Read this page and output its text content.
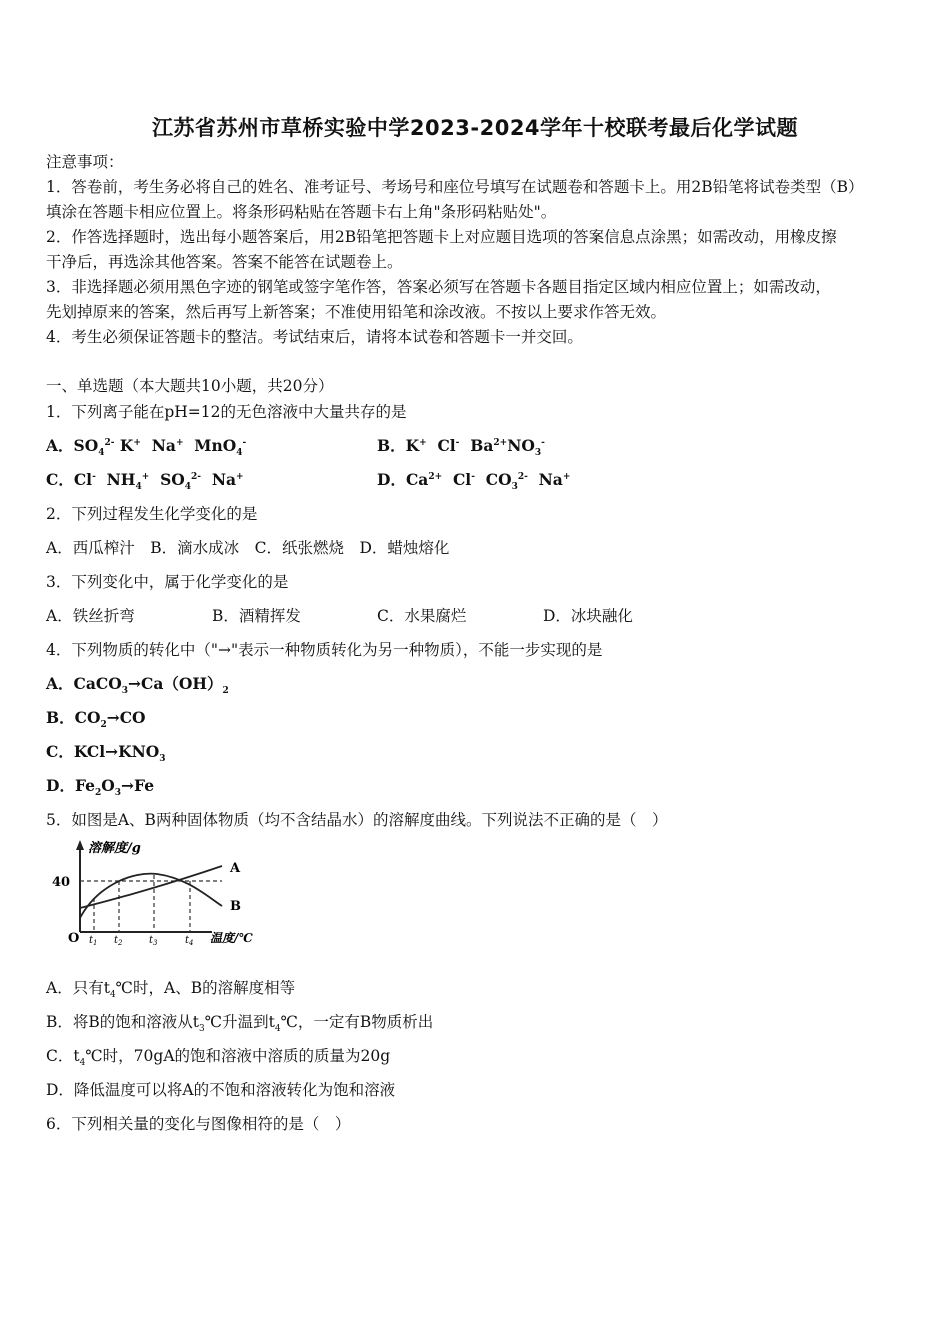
江苏省苏州市草桥实验中学2023-2024学年十校联考最后化学试题
注意事项：
1．答卷前，考生务必将自己的姓名、准考证号、考场号和座位号填写在试题卷和答题卡上。用2B铅笔将试卷类型（B）
填涂在答题卡相应位置上。将条形码粘贴在答题卡右上角"条形码粘贴处"。
2．作答选择题时，选出每小题答案后，用2B铅笔把答题卡上对应题目选项的答案信息点涂黑；如需改动，用橡皮擦
干净后，再选涂其他答案。答案不能答在试题卷上。
3．非选择题必须用黑色字迹的钢笔或签字笔作答，答案必须写在答题卡各题目指定区域内相应位置上；如需改动，
先划掉原来的答案，然后再写上新答案；不准使用铅笔和涂改液。不按以上要求作答无效。
4．考生必须保证答题卡的整洁。考试结束后，请将本试卷和答题卡一并交回。
一、单选题（本大题共10小题，共20分）
1．下列离子能在pH=12的无色溶液中大量共存的是
A．$SO_4^{2-}$ K+ Na+ MnO$_4$-	B．K+ Cl- $Ba^{2+}NO_3^-$
C．Cl- $NH_4^+$ $SO_4^{2-}$ Na+	D．$Ca^{2+}$ Cl- $CO_3^{2-}$ Na+
2．下列过程发生化学变化的是
A．西瓜榨汁　B．滴水成冰　C．纸张燃烧　D．蜡烛熔化
3．下列变化中，属于化学变化的是
A．铁丝折弯	B．酒精挥发	C．水果腐烂	D．冰块融化
4．下列物质的转化中（"→"表示一种物质转化为另一种物质），不能一步实现的是
A．$CaCO_3\to Ca(OH)_2$
B．$CO_2\to CO$
C．$KCl\to KNO_3$
D．$Fe_2O_3\to Fe$
5．如图是A、B两种固体物质（均不含结晶水）的溶解度曲线。下列说法不正确的是（　）
溶解度/g
40
O $t_1$ $t_2$	$t_3$	$t_4$ 温度/℃
A
B
A．只有$t_4℃$时，A、B的溶解度相等
B．将B的饱和溶液从$t_3℃$升温到$t_4℃$，一定有B物质析出
C．$t_4℃$时，70gA的饱和溶液中溶质的质量为20g
D．降低温度可以将A的不饱和溶液转化为饱和溶液
6．下列相关量的变化与图像相符的是（　）
